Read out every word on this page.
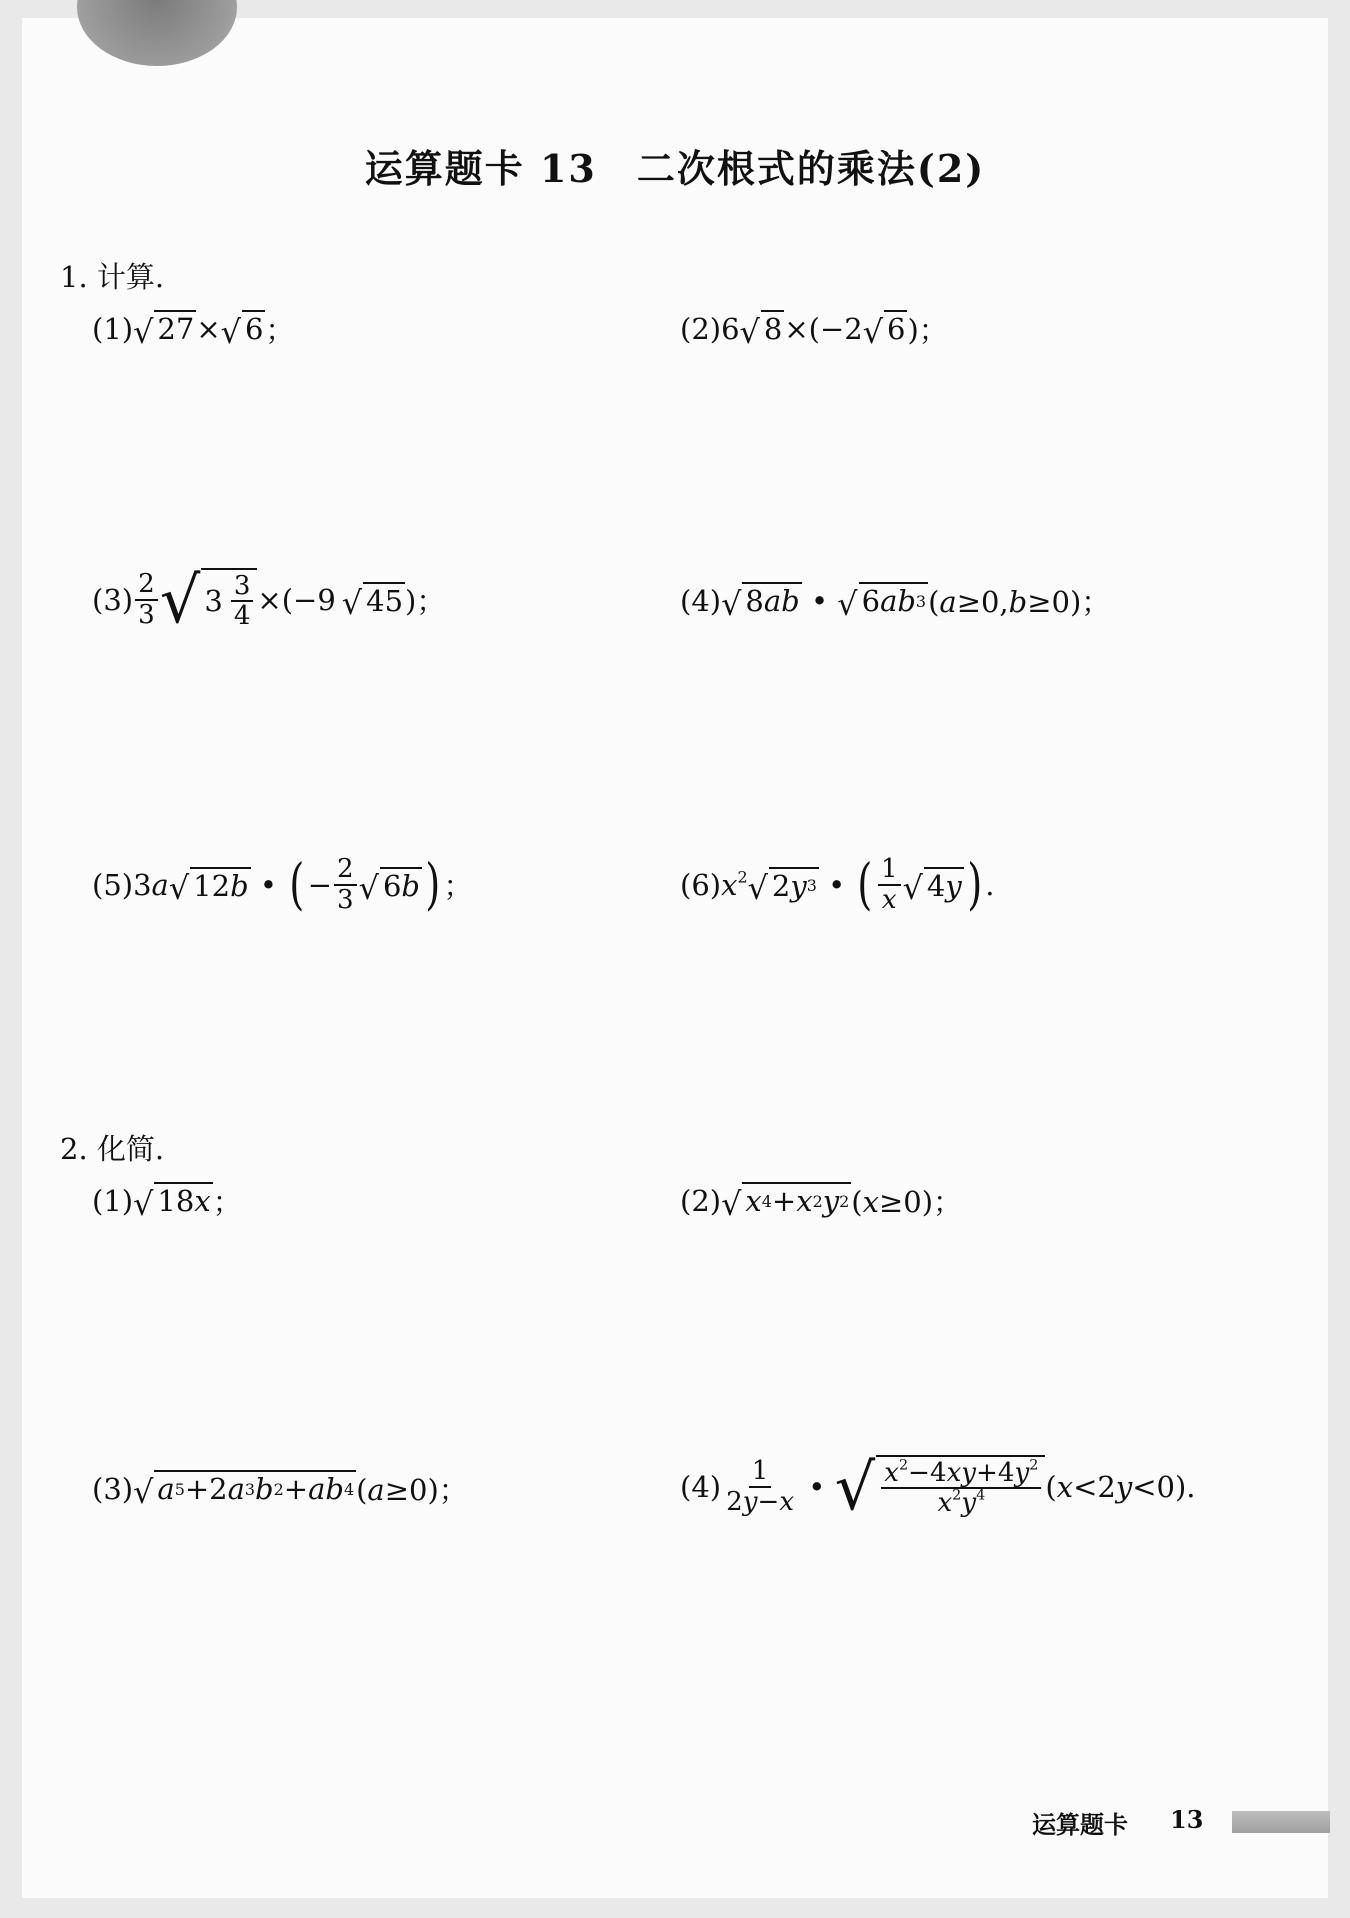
运算题卡 13 二次根式的乘法(2)
1. 计算.
(1) √ 27 × √ 6 ；	(2) 6 √ 8 ×(−2 √ 6 )；
$(3) \frac{2}{3}$ √ $3 \frac{3}{4} \times(-9$ √ 45 )；	(4) √ 8 ab • √ 6 ab 3 (a≥0,b≥0)；
(5) 3a √ 12 b • ( − $\frac{2}{3}$ √ 6 b ) ；	(6) $x^2$ √ 2 y 3 • ( $\frac{1}{x}$ √ 4 y ) .
2. 化简.
(1) √ 18 x ；	(2) √ x 4 + x 2 y 2 (x≥0)；
(3) √ a 5 +2 a 3 b 2 + ab 4 (a≥0)；	$(4) \frac{1}{2y-x}$ • √ $\frac{x^2-4xy+4y^2}{x^2y^4} (x<2y<0)$.
运算题卡 13
